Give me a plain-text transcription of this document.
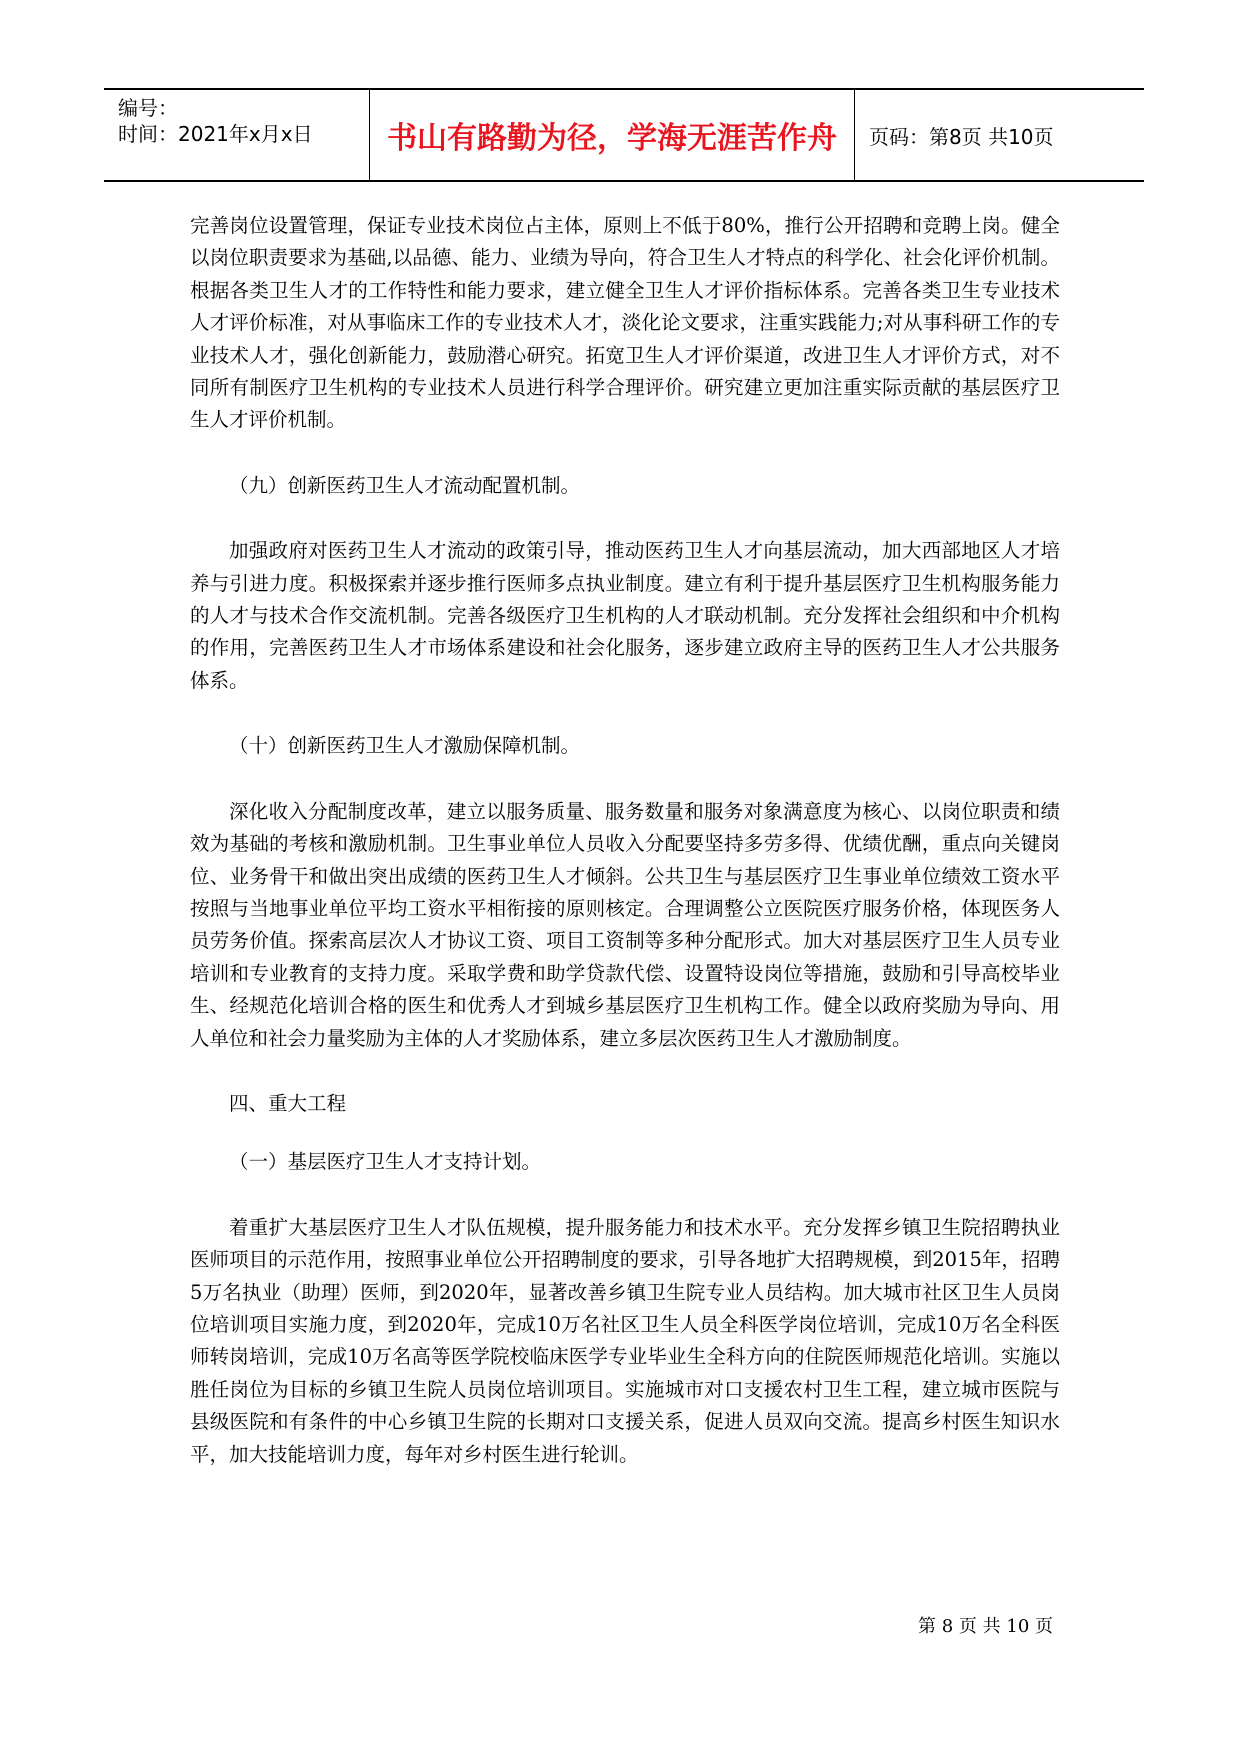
编号：
时间：2021年x月x日	书山有路勤为径，学海无涯苦作舟	页码：第8页 共10页

完善岗位设置管理，保证专业技术岗位占主体，原则上不低于80%，推行公开招聘和竞聘上岗。健全以岗位职责要求为基础,以品德、能力、业绩为导向，符合卫生人才特点的科学化、社会化评价机制。根据各类卫生人才的工作特性和能力要求，建立健全卫生人才评价指标体系。完善各类卫生专业技术人才评价标准，对从事临床工作的专业技术人才，淡化论文要求，注重实践能力;对从事科研工作的专业技术人才，强化创新能力，鼓励潜心研究。拓宽卫生人才评价渠道，改进卫生人才评价方式，对不同所有制医疗卫生机构的专业技术人员进行科学合理评价。研究建立更加注重实际贡献的基层医疗卫生人才评价机制。

（九）创新医药卫生人才流动配置机制。

加强政府对医药卫生人才流动的政策引导，推动医药卫生人才向基层流动，加大西部地区人才培养与引进力度。积极探索并逐步推行医师多点执业制度。建立有利于提升基层医疗卫生机构服务能力的人才与技术合作交流机制。完善各级医疗卫生机构的人才联动机制。充分发挥社会组织和中介机构的作用，完善医药卫生人才市场体系建设和社会化服务，逐步建立政府主导的医药卫生人才公共服务体系。

（十）创新医药卫生人才激励保障机制。

深化收入分配制度改革，建立以服务质量、服务数量和服务对象满意度为核心、以岗位职责和绩效为基础的考核和激励机制。卫生事业单位人员收入分配要坚持多劳多得、优绩优酬，重点向关键岗位、业务骨干和做出突出成绩的医药卫生人才倾斜。公共卫生与基层医疗卫生事业单位绩效工资水平按照与当地事业单位平均工资水平相衔接的原则核定。合理调整公立医院医疗服务价格，体现医务人员劳务价值。探索高层次人才协议工资、项目工资制等多种分配形式。加大对基层医疗卫生人员专业培训和专业教育的支持力度。采取学费和助学贷款代偿、设置特设岗位等措施，鼓励和引导高校毕业生、经规范化培训合格的医生和优秀人才到城乡基层医疗卫生机构工作。健全以政府奖励为导向、用人单位和社会力量奖励为主体的人才奖励体系，建立多层次医药卫生人才激励制度。

四、重大工程

（一）基层医疗卫生人才支持计划。

着重扩大基层医疗卫生人才队伍规模，提升服务能力和技术水平。充分发挥乡镇卫生院招聘执业医师项目的示范作用，按照事业单位公开招聘制度的要求，引导各地扩大招聘规模，到2015年，招聘5万名执业（助理）医师，到2020年，显著改善乡镇卫生院专业人员结构。加大城市社区卫生人员岗位培训项目实施力度，到2020年，完成10万名社区卫生人员全科医学岗位培训，完成10万名全科医师转岗培训，完成10万名高等医学院校临床医学专业毕业生全科方向的住院医师规范化培训。实施以胜任岗位为目标的乡镇卫生院人员岗位培训项目。实施城市对口支援农村卫生工程，建立城市医院与县级医院和有条件的中心乡镇卫生院的长期对口支援关系，促进人员双向交流。提高乡村医生知识水平，加大技能培训力度，每年对乡村医生进行轮训。

第 8 页 共 10 页
